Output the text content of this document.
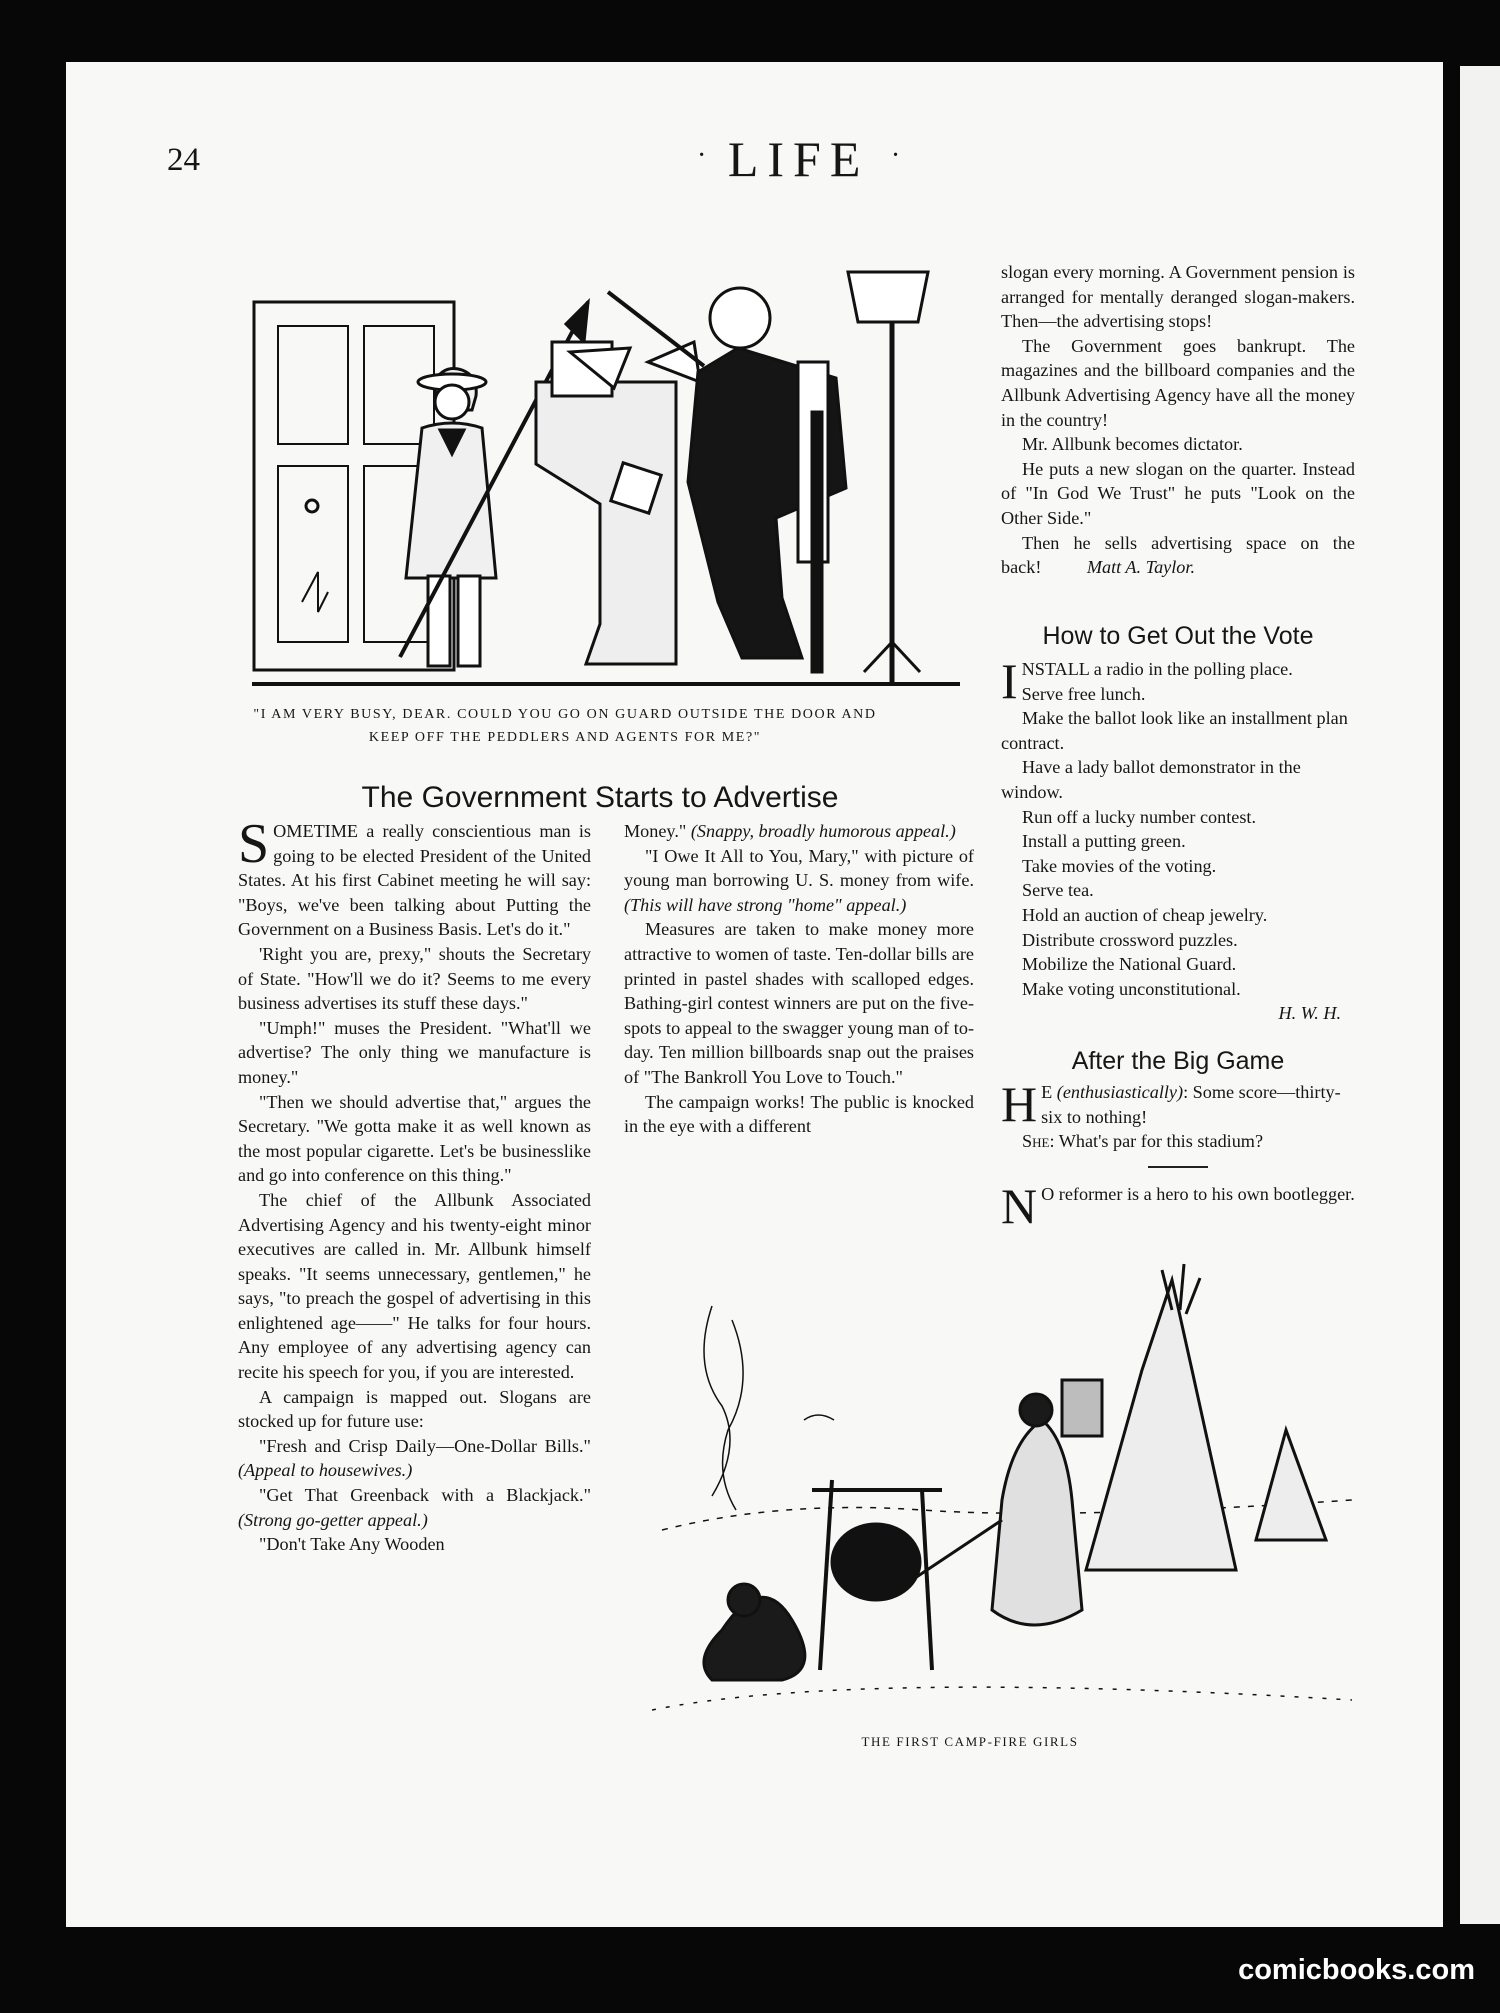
24	· LIFE ·
"I AM VERY BUSY, DEAR. COULD YOU GO ON GUARD OUTSIDE THE DOOR AND
KEEP OFF THE PEDDLERS AND AGENTS FOR ME?"
The Government Starts to Advertise

SOMETIME a really conscientious man is going to be elected President of the United States. At his first Cabinet meeting he will say: "Boys, we've been talking about Putting the Government on a Business Basis. Let's do it."

'Right you are, prexy," shouts the Secretary of State. "How'll we do it? Seems to me every business advertises its stuff these days."

"Umph!" muses the President. "What'll we advertise? The only thing we manufacture is money."

"Then we should advertise that," argues the Secretary. "We gotta make it as well known as the most popular cigarette. Let's be businesslike and go into conference on this thing."

The chief of the Allbunk Associated Advertising Agency and his twenty-eight minor executives are called in. Mr. Allbunk himself speaks. "It seems unnecessary, gentlemen," he says, "to preach the gospel of advertising in this enlightened age——" He talks for four hours. Any employee of any advertising agency can recite his speech for you, if you are interested.

A campaign is mapped out. Slogans are stocked up for future use:

"Fresh and Crisp Daily—One-Dollar Bills." (Appeal to housewives.)

"Get That Greenback with a Blackjack." (Strong go-getter appeal.)

"Don't Take Any Wooden

Money." (Snappy, broadly humorous appeal.)

"I Owe It All to You, Mary," with picture of young man borrowing U. S. money from wife. (This will have strong "home" appeal.)

Measures are taken to make money more attractive to women of taste. Ten-dollar bills are printed in pastel shades with scalloped edges. Bathing-girl contest winners are put on the five-spots to appeal to the swagger young man of to-day. Ten million billboards snap out the praises of "The Bankroll You Love to Touch."

The campaign works! The public is knocked in the eye with a different

slogan every morning. A Government pension is arranged for mentally deranged slogan-makers. Then—the advertising stops!

The Government goes bankrupt. The magazines and the billboard companies and the Allbunk Advertising Agency have all the money in the country!

Mr. Allbunk becomes dictator.

He puts a new slogan on the quarter. Instead of "In God We Trust" he puts "Look on the Other Side."

Then he sells advertising space on the back! Matt A. Taylor.

How to Get Out the Vote

INSTALL a radio in the polling place.
Serve free lunch.

Make the ballot look like an installment plan contract.

Have a lady ballot demonstrator in the window.

Run off a lucky number contest.

Install a putting green.

Take movies of the voting.

Serve tea.

Hold an auction of cheap jewelry.

Distribute crossword puzzles.

Mobilize the National Guard.

Make voting unconstitutional.

H. W. H.

After the Big Game

H E (enthusiastically): Some score—thirty-six to nothing!

She: What's par for this stadium?

N O reformer is a hero to his own bootlegger.

THE FIRST CAMP-FIRE GIRLS
comicbooks.com
